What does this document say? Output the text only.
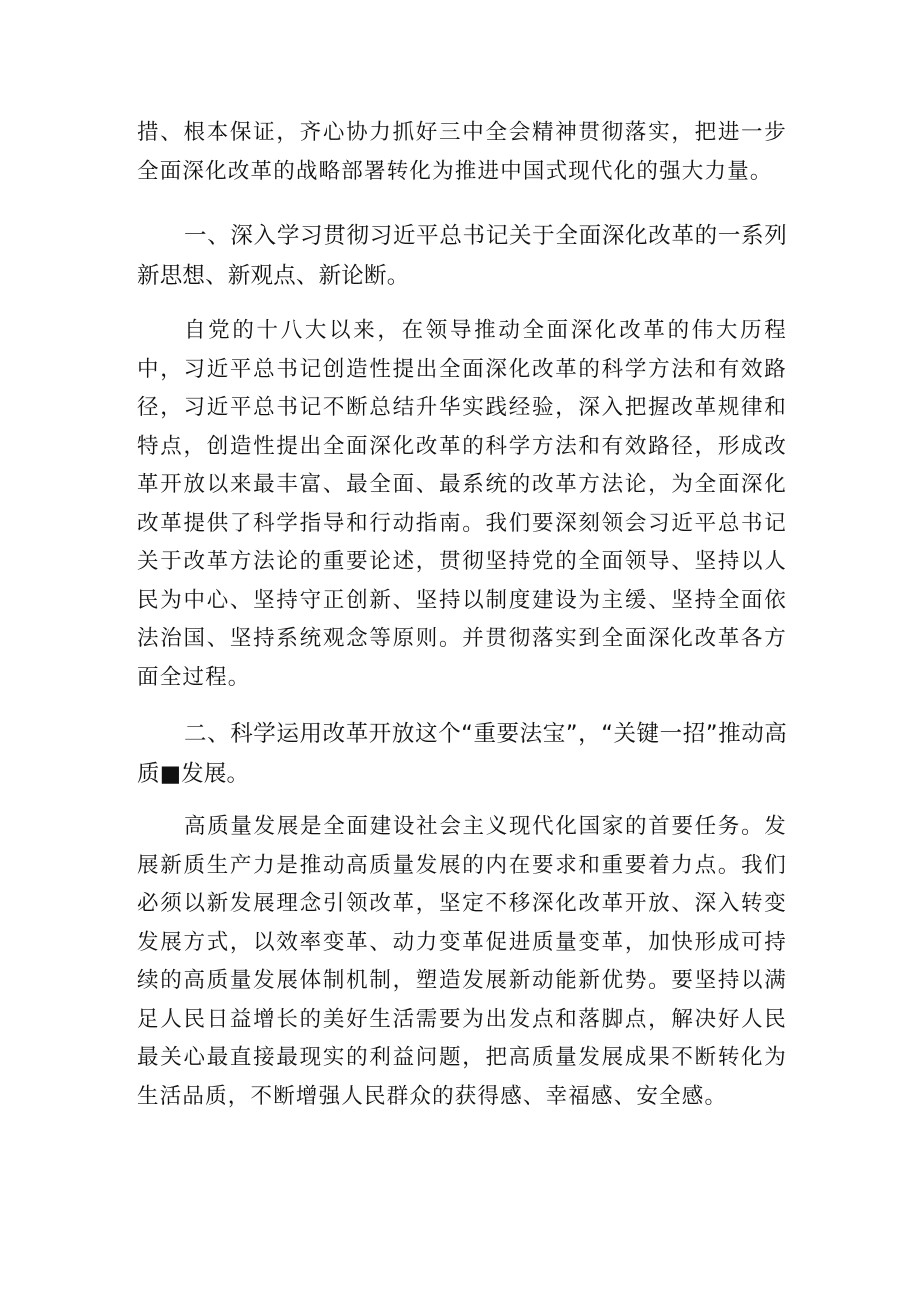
措、根本保证，齐心协力抓好三中全会精神贯彻落实，把进一步全面深化改革的战略部署转化为推进中国式现代化的强大力量。

一、深入学习贯彻习近平总书记关于全面深化改革的一系列新思想、新观点、新论断。

自党的十八大以来，在领导推动全面深化改革的伟大历程中，习近平总书记创造性提出全面深化改革的科学方法和有效路径，习近平总书记不断总结升华实践经验，深入把握改革规律和特点，创造性提出全面深化改革的科学方法和有效路径，形成改革开放以来最丰富、最全面、最系统的改革方法论，为全面深化改革提供了科学指导和行动指南。我们要深刻领会习近平总书记关于改革方法论的重要论述，贯彻坚持党的全面领导、坚持以人民为中心、坚持守正创新、坚持以制度建设为主缓、坚持全面依法治国、坚持系统观念等原则。并贯彻落实到全面深化改革各方面全过程。

二、科学运用改革开放这个“重要法宝”，“关键一招”推动高质■发展。

高质量发展是全面建设社会主义现代化国家的首要任务。发展新质生产力是推动高质量发展的内在要求和重要着力点。我们必须以新发展理念引领改革，坚定不移深化改革开放、深入转变发展方式，以效率变革、动力变革促进质量变革，加快形成可持续的高质量发展体制机制，塑造发展新动能新优势。要坚持以满足人民日益增长的美好生活需要为出发点和落脚点，解决好人民最关心最直接最现实的利益问题，把高质量发展成果不断转化为生活品质，不断增强人民群众的获得感、幸福感、安全感。
